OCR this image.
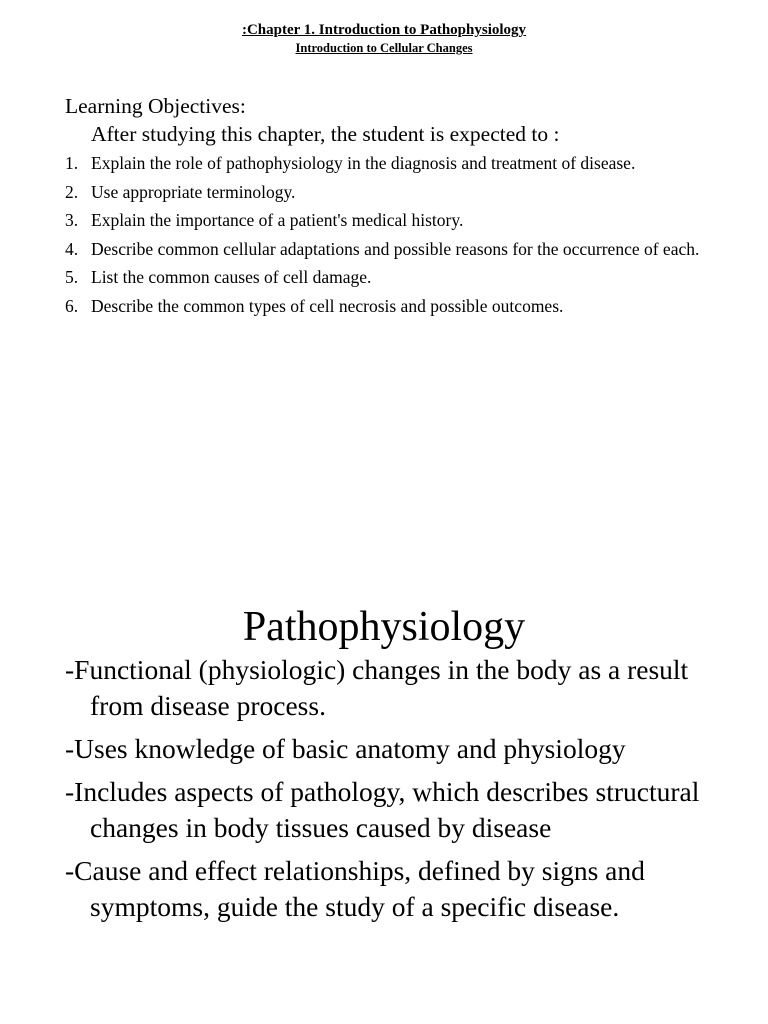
:Chapter 1. Introduction to Pathophysiology
Introduction to Cellular Changes
Learning Objectives:
After studying this chapter, the student is expected to :
1. Explain the role of pathophysiology in the diagnosis and treatment of disease.
2. Use appropriate terminology.
3. Explain the importance of a patient's medical history.
4. Describe common cellular adaptations and possible reasons for the occurrence of each.
5. List the common causes of cell damage.
6. Describe the common types of cell necrosis and possible outcomes.
Pathophysiology
-Functional (physiologic) changes in the body as a result from disease process.
-Uses knowledge of basic anatomy and physiology
-Includes aspects of pathology, which describes structural changes in body tissues caused by disease
-Cause and effect relationships, defined by signs and symptoms, guide the study of a specific disease.
